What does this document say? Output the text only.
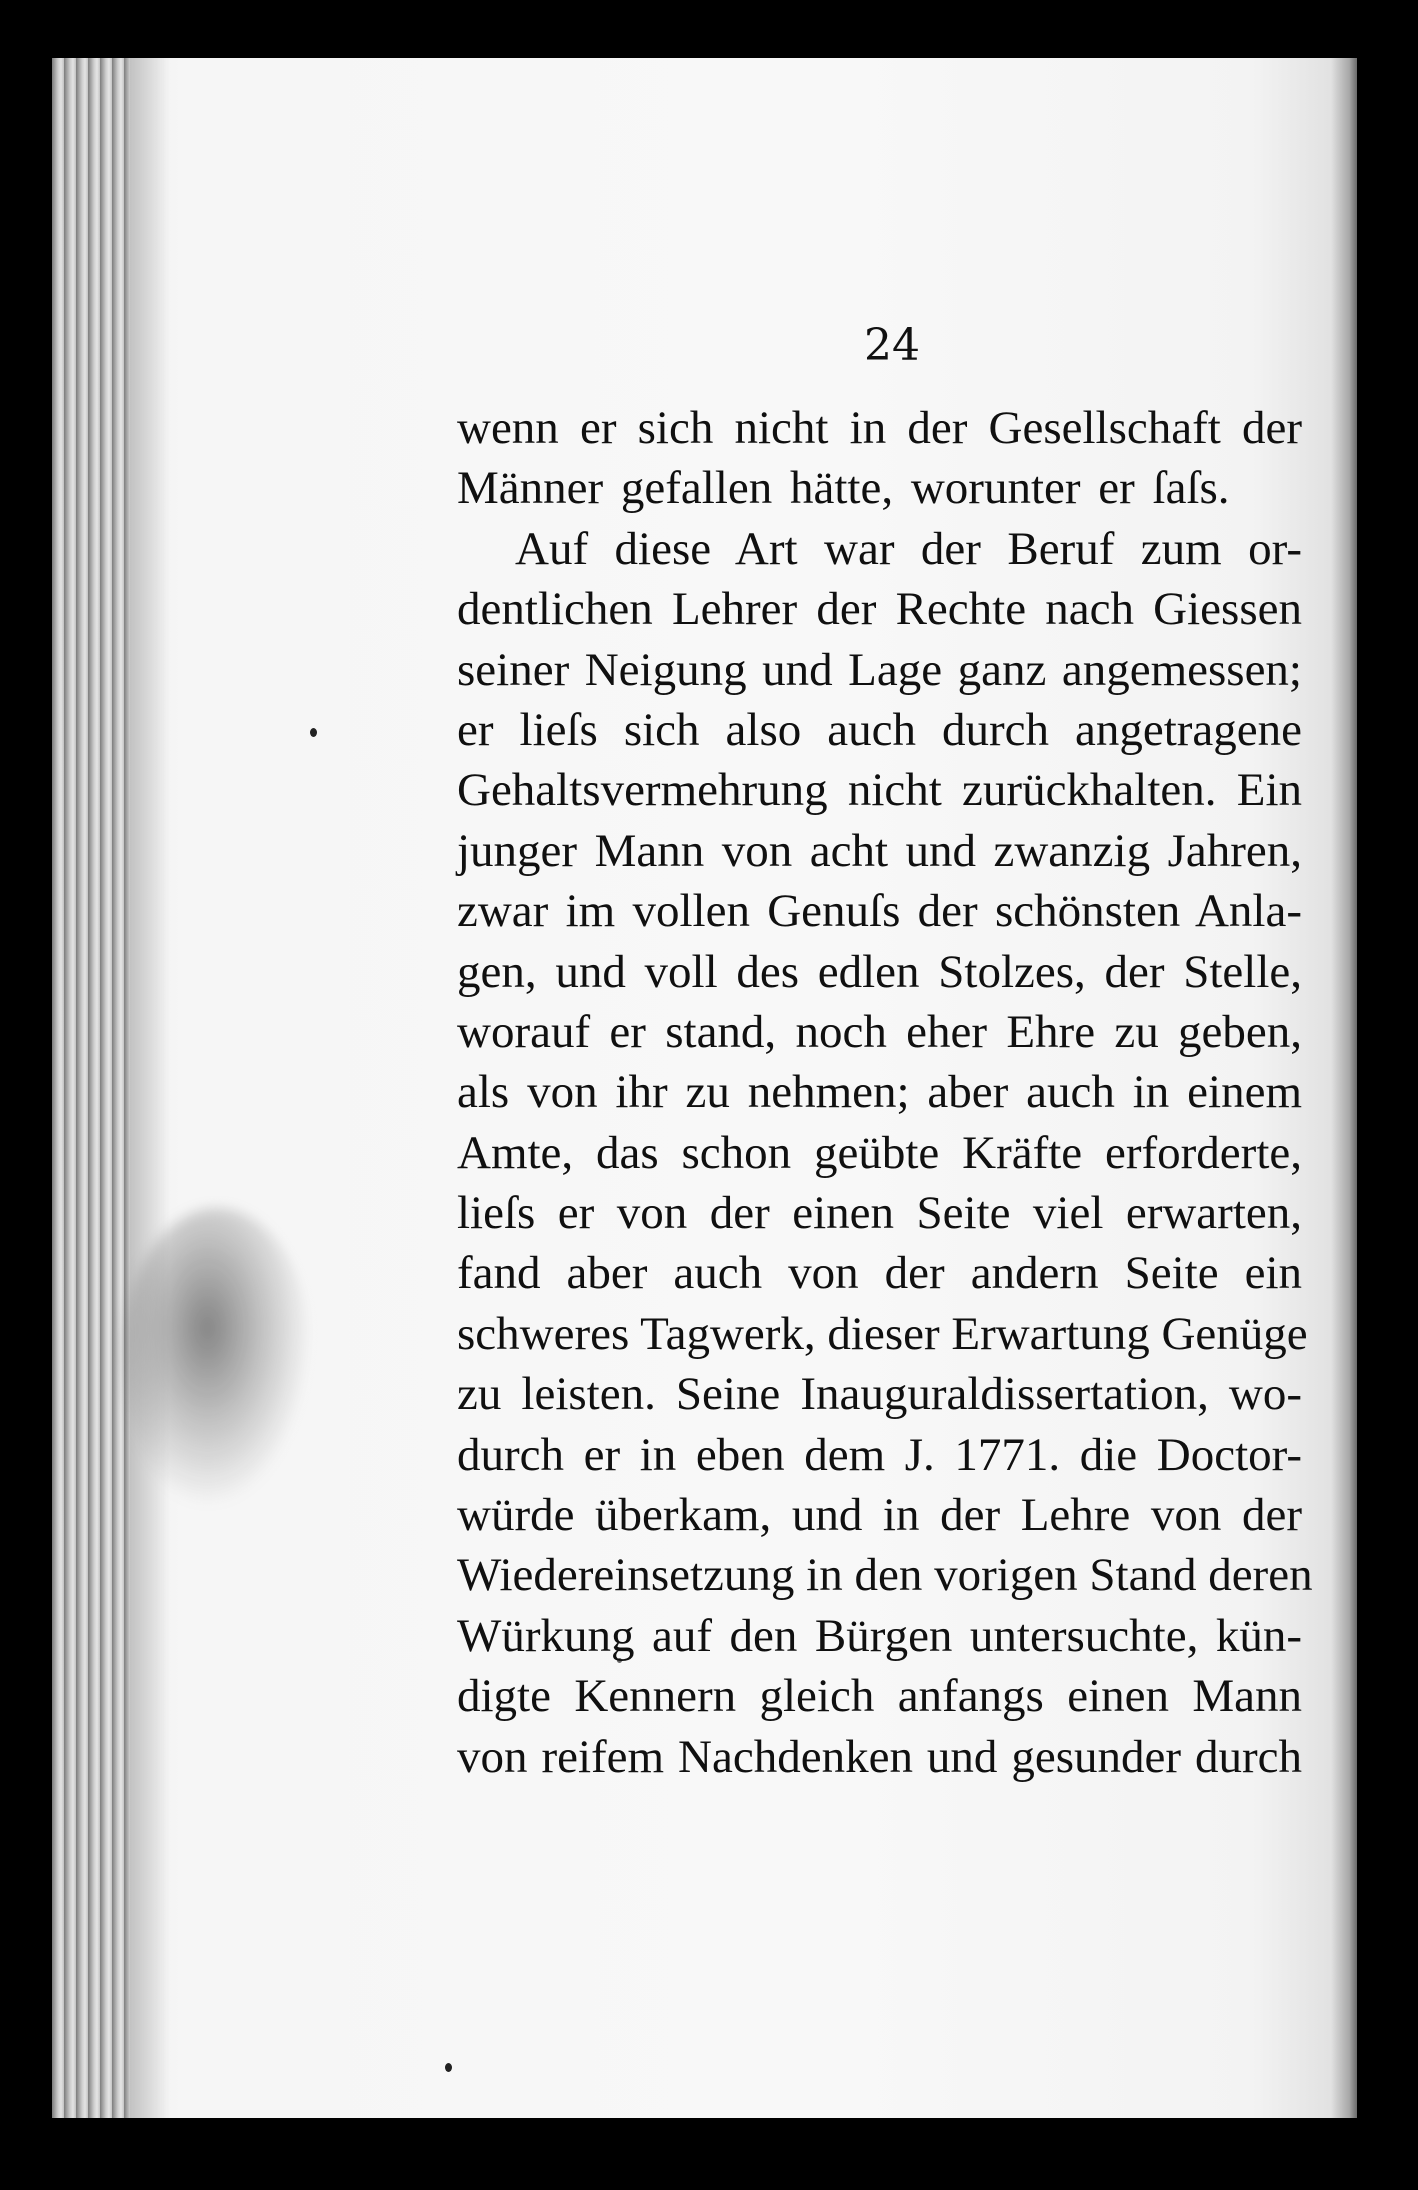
24
wenn er sich nicht in der Gesellschaft der
Männer gefallen hätte, worunter er ſaſs.
Auf diese Art war der Beruf zum or-
dentlichen Lehrer der Rechte nach Giessen
seiner Neigung und Lage ganz angemessen;
er lieſs sich also auch durch angetragene
Gehaltsvermehrung nicht zurückhalten. Ein
junger Mann von acht und zwanzig Jahren,
zwar im vollen Genuſs der schönsten Anla-
gen, und voll des edlen Stolzes, der Stelle,
worauf er stand, noch eher Ehre zu geben,
als von ihr zu nehmen; aber auch in einem
Amte, das schon geübte Kräfte erforderte,
lieſs er von der einen Seite viel erwarten,
fand aber auch von der andern Seite ein
schweres Tagwerk, dieser Erwartung Genüge
zu leisten. Seine Inauguraldissertation, wo-
durch er in eben dem J. 1771. die Doctor-
würde überkam, und in der Lehre von der
Wiedereinsetzung in den vorigen Stand deren
Würkung auf den Bürgen untersuchte, kün-
digte Kennern gleich anfangs einen Mann
von reifem Nachdenken und gesunder durch
